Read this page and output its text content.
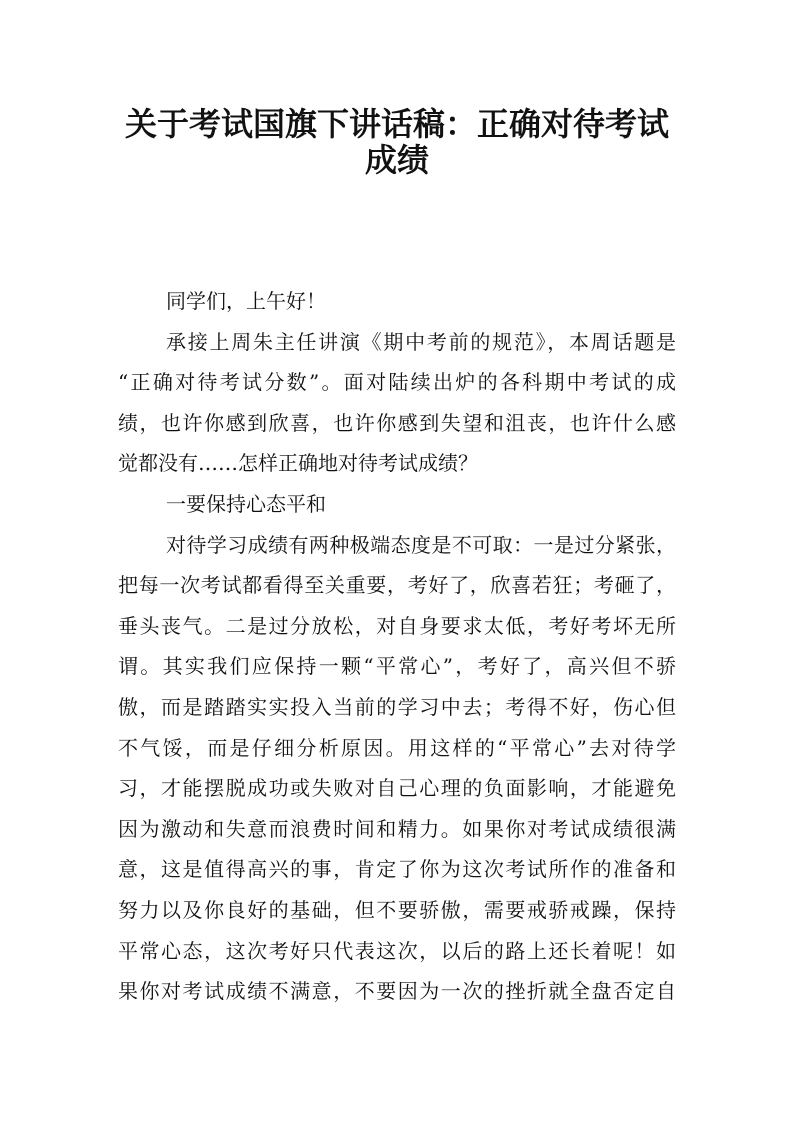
关于考试国旗下讲话稿：正确对待考试
成绩
同学们，上午好！
承接上周朱主任讲演《期中考前的规范》，本周话题是
“正确对待考试分数”。面对陆续出炉的各科期中考试的成
绩，也许你感到欣喜，也许你感到失望和沮丧，也许什么感
觉都没有……怎样正确地对待考试成绩？
一要保持心态平和
对待学习成绩有两种极端态度是不可取：一是过分紧张，
把每一次考试都看得至关重要，考好了，欣喜若狂；考砸了，
垂头丧气。二是过分放松，对自身要求太低，考好考坏无所
谓。其实我们应保持一颗“平常心”，考好了，高兴但不骄
傲，而是踏踏实实投入当前的学习中去；考得不好，伤心但
不气馁，而是仔细分析原因。用这样的“平常心”去对待学
习，才能摆脱成功或失败对自己心理的负面影响，才能避免
因为激动和失意而浪费时间和精力。如果你对考试成绩很满
意，这是值得高兴的事，肯定了你为这次考试所作的准备和
努力以及你良好的基础，但不要骄傲，需要戒骄戒躁，保持
平常心态，这次考好只代表这次，以后的路上还长着呢！如
果你对考试成绩不满意，不要因为一次的挫折就全盘否定自
